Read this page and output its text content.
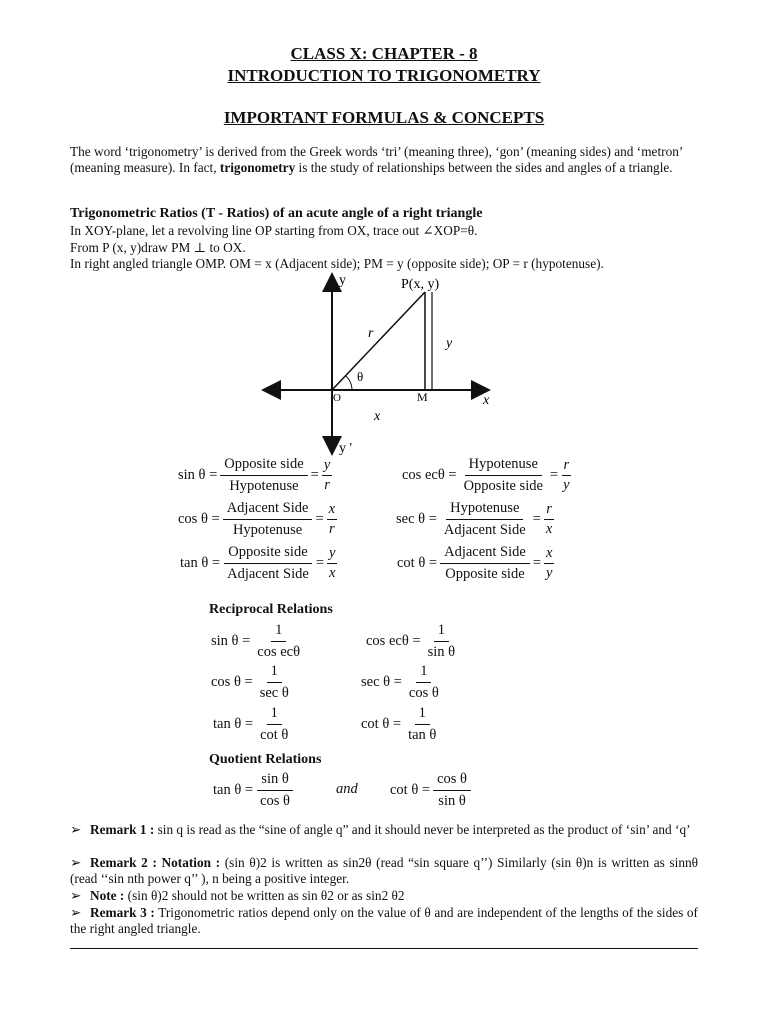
CLASS X: CHAPTER - 8
INTRODUCTION TO TRIGONOMETRY
IMPORTANT FORMULAS & CONCEPTS
The word ‘trigonometry’ is derived from the Greek words ‘tri’ (meaning three), ‘gon’ (meaning sides) and ‘metron’ (meaning measure). In fact, trigonometry is the study of relationships between the sides and angles of a triangle.
Trigonometric Ratios (T - Ratios) of an acute angle of a right triangle
In XOY-plane, let a revolving line OP starting from OX, trace out ∠XOP=θ.
From P (x, y)draw PM ⊥ to OX.
In right angled triangle OMP. OM = x (Adjacent side); PM = y (opposite side); OP = r (hypotenuse).
y
y '
x
P(x, y)
r
θ
O	M
x
y
$\sin \theta = \frac{\text{Opposite side}}{\text{Hypotenuse}} = \frac{y}{r}$	$\cos ec\theta = \frac{\text{Hypotenuse}}{\text{Opposite side}} = \frac{r}{y}$
$\cos \theta = \frac{\text{Adjacent Side}}{\text{Hypotenuse}} = \frac{x}{r}$	$\sec \theta = \frac{\text{Hypotenuse}}{\text{Adjacent Side}} = \frac{r}{x}$
$\tan \theta = \frac{\text{Opposite side}}{\text{Adjacent Side}} = \frac{y}{x}$	$\cot \theta = \frac{\text{Adjacent Side}}{\text{Opposite side}} = \frac{x}{y}$
Reciprocal Relations
$\sin \theta = \frac{1}{\text{cos ecθ}}$	$\cos ec\theta = \frac{1}{\text{sin θ}}$
$\cos \theta = \frac{1}{\text{sec θ}}$	$\sec \theta = \frac{1}{\text{cos θ}}$
$\tan \theta = \frac{1}{\text{cot θ}}$	$\cot \theta = \frac{1}{\text{tan θ}}$
Quotient Relations
$\tan \theta = \frac{\text{sin θ}}{\text{cos θ}}$	and $\cot \theta = \frac{\text{cos θ}}{\text{sin θ}}$
➢ Remark 1 : sin q is read as the “sine of angle q” and it should never be interpreted as the product of ‘sin’ and ‘q’
➢ Remark 2 : Notation : (sin θ)2 is written as sin2θ (read “sin square q’’) Similarly (sin θ)n is written as sinnθ (read ‘‘sin nth power q’’ ), n being a positive integer.
➢ Note : (sin θ)2 should not be written as sin θ2 or as sin2 θ2
➢ Remark 3 : Trigonometric ratios depend only on the value of θ and are independent of the lengths of the sides of the right angled triangle.
